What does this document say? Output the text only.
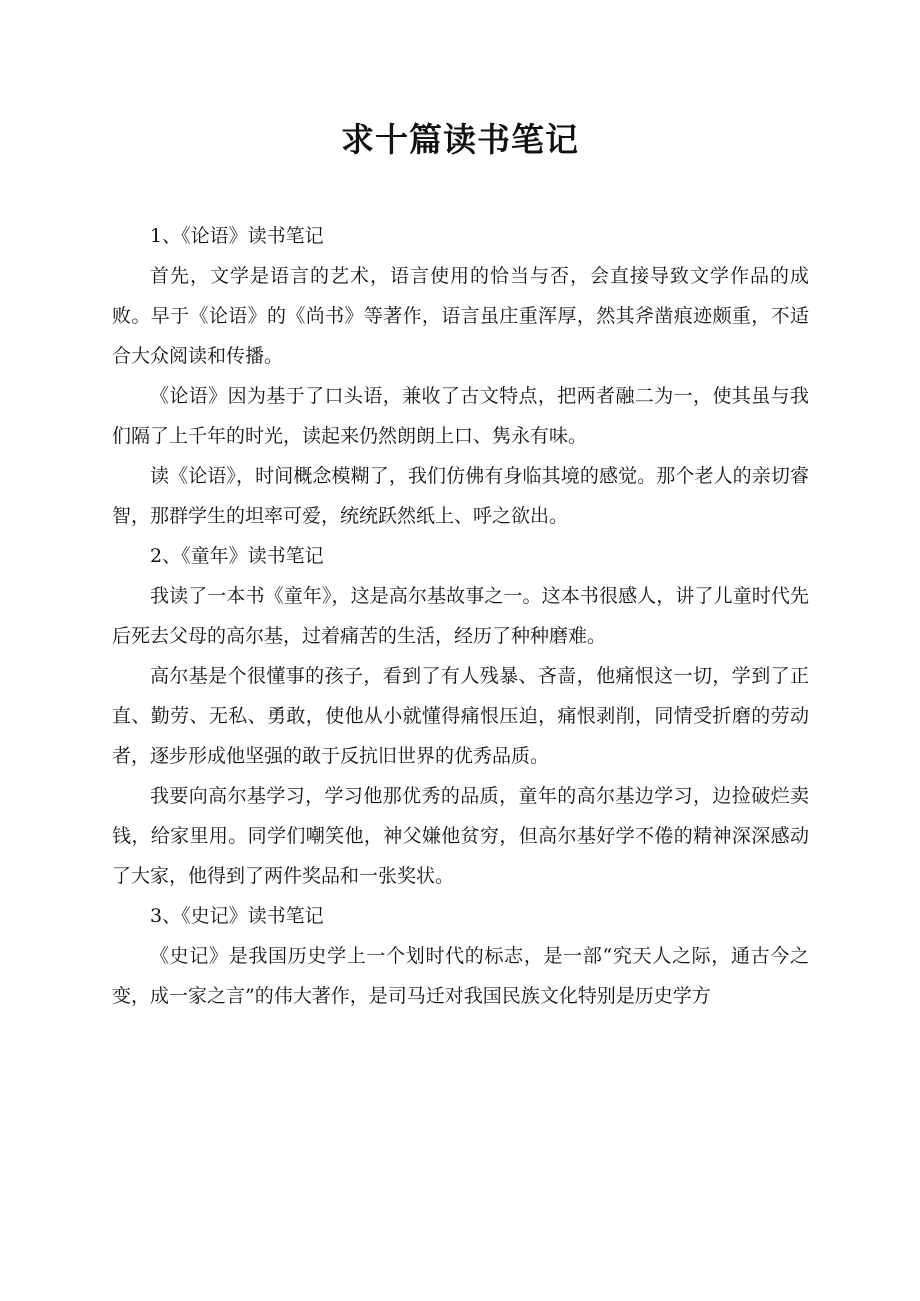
求十篇读书笔记

1、《论语》读书笔记

首先，文学是语言的艺术，语言使用的恰当与否，会直接导致文学作品的成败。早于《论语》的《尚书》等著作，语言虽庄重浑厚，然其斧凿痕迹颇重，不适合大众阅读和传播。

《论语》因为基于了口头语，兼收了古文特点，把两者融二为一，使其虽与我们隔了上千年的时光，读起来仍然朗朗上口、隽永有味。

读《论语》，时间概念模糊了，我们仿佛有身临其境的感觉。那个老人的亲切睿智，那群学生的坦率可爱，统统跃然纸上、呼之欲出。

2、《童年》读书笔记

我读了一本书《童年》，这是高尔基故事之一。这本书很感人，讲了儿童时代先后死去父母的高尔基，过着痛苦的生活，经历了种种磨难。

高尔基是个很懂事的孩子，看到了有人残暴、吝啬，他痛恨这一切，学到了正直、勤劳、无私、勇敢，使他从小就懂得痛恨压迫，痛恨剥削，同情受折磨的劳动者，逐步形成他坚强的敢于反抗旧世界的优秀品质。

我要向高尔基学习，学习他那优秀的品质，童年的高尔基边学习，边捡破烂卖钱，给家里用。同学们嘲笑他，神父嫌他贫穷，但高尔基好学不倦的精神深深感动了大家，他得到了两件奖品和一张奖状。

3、《史记》读书笔记

《史记》是我国历史学上一个划时代的标志，是一部“究天人之际，通古今之变，成一家之言”的伟大著作，是司马迁对我国民族文化特别是历史学方
